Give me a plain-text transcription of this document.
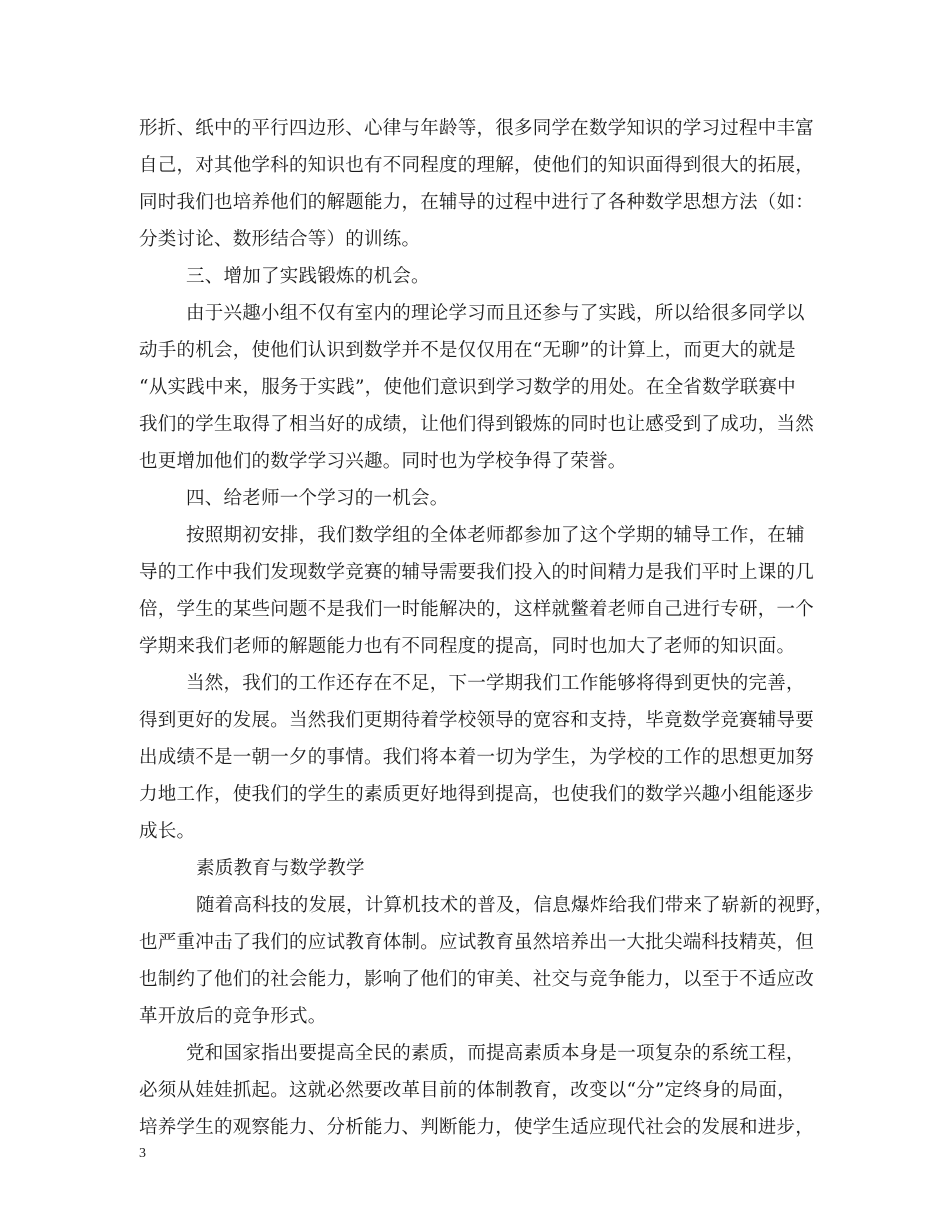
形折、纸中的平行四边形、心律与年龄等，很多同学在数学知识的学习过程中丰富
自己，对其他学科的知识也有不同程度的理解，使他们的知识面得到很大的拓展，
同时我们也培养他们的解题能力，在辅导的过程中进行了各种数学思想方法（如：
分类讨论、数形结合等）的训练。
三、增加了实践锻炼的机会。
由于兴趣小组不仅有室内的理论学习而且还参与了实践，所以给很多同学以
动手的机会，使他们认识到数学并不是仅仅用在“无聊”的计算上，而更大的就是
“从实践中来，服务于实践”，使他们意识到学习数学的用处。在全省数学联赛中
我们的学生取得了相当好的成绩，让他们得到锻炼的同时也让感受到了成功，当然
也更增加他们的数学学习兴趣。同时也为学校争得了荣誉。
四、给老师一个学习的一机会。
按照期初安排，我们数学组的全体老师都参加了这个学期的辅导工作，在辅
导的工作中我们发现数学竞赛的辅导需要我们投入的时间精力是我们平时上课的几
倍，学生的某些问题不是我们一时能解决的，这样就鳖着老师自己进行专研，一个
学期来我们老师的解题能力也有不同程度的提高，同时也加大了老师的知识面。
当然，我们的工作还存在不足，下一学期我们工作能够将得到更快的完善，
得到更好的发展。当然我们更期待着学校领导的宽容和支持，毕竟数学竞赛辅导要
出成绩不是一朝一夕的事情。我们将本着一切为学生，为学校的工作的思想更加努
力地工作，使我们的学生的素质更好地得到提高，也使我们的数学兴趣小组能逐步
成长。
素质教育与数学教学
随着高科技的发展，计算机技术的普及，信息爆炸给我们带来了崭新的视野，
也严重冲击了我们的应试教育体制。应试教育虽然培养出一大批尖端科技精英，但
也制约了他们的社会能力，影响了他们的审美、社交与竞争能力，以至于不适应改
革开放后的竞争形式。
党和国家指出要提高全民的素质，而提高素质本身是一项复杂的系统工程，
必须从娃娃抓起。这就必然要改革目前的体制教育，改变以“分”定终身的局面，
培养学生的观察能力、分析能力、判断能力，使学生适应现代社会的发展和进步，
3
